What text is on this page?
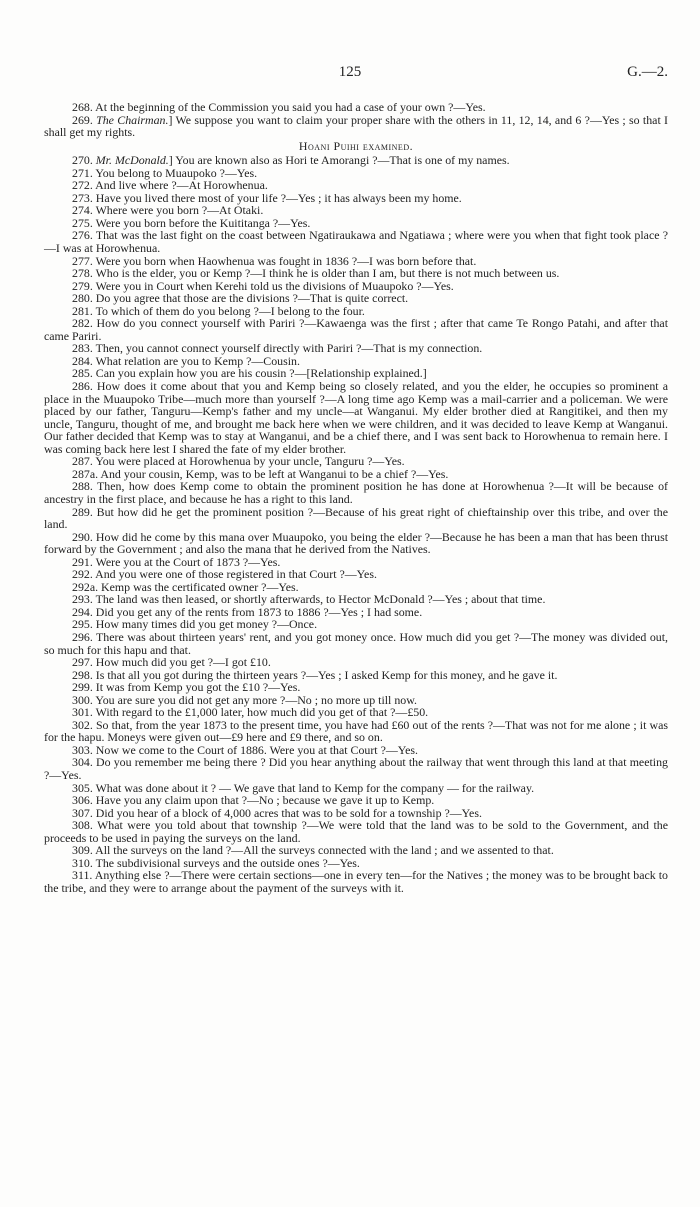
125	G.—2.

268. At the beginning of the Commission you said you had a case of your own ?—Yes.

269. The Chairman.] We suppose you want to claim your proper share with the others in 11, 12, 14, and 6 ?—Yes ; so that I shall get my rights.

Hoani Puihi examined.

270. Mr. McDonald.] You are known also as Hori te Amorangi ?—That is one of my names.

271. You belong to Muaupoko ?—Yes.

272. And live where ?—At Horowhenua.

273. Have you lived there most of your life ?—Yes ; it has always been my home.

274. Where were you born ?—At Otaki.

275. Were you born before the Kuititanga ?—Yes.

276. That was the last fight on the coast between Ngatiraukawa and Ngatiawa ; where were you when that fight took place ?—I was at Horowhenua.

277. Were you born when Haowhenua was fought in 1836 ?—I was born before that.

278. Who is the elder, you or Kemp ?—I think he is older than I am, but there is not much between us.

279. Were you in Court when Kerehi told us the divisions of Muaupoko ?—Yes.

280. Do you agree that those are the divisions ?—That is quite correct.

281. To which of them do you belong ?—I belong to the four.

282. How do you connect yourself with Pariri ?—Kawaenga was the first ; after that came Te Rongo Patahi, and after that came Pariri.

283. Then, you cannot connect yourself directly with Pariri ?—That is my connection.

284. What relation are you to Kemp ?—Cousin.

285. Can you explain how you are his cousin ?—[Relationship explained.]

286. How does it come about that you and Kemp being so closely related, and you the elder, he occupies so prominent a place in the Muaupoko Tribe—much more than yourself ?—A long time ago Kemp was a mail-carrier and a policeman. We were placed by our father, Tanguru—Kemp's father and my uncle—at Wanganui. My elder brother died at Rangitikei, and then my uncle, Tanguru, thought of me, and brought me back here when we were children, and it was decided to leave Kemp at Wanganui. Our father decided that Kemp was to stay at Wanganui, and be a chief there, and I was sent back to Horowhenua to remain here. I was coming back here lest I shared the fate of my elder brother.

287. You were placed at Horowhenua by your uncle, Tanguru ?—Yes.

287a. And your cousin, Kemp, was to be left at Wanganui to be a chief ?—Yes.

288. Then, how does Kemp come to obtain the prominent position he has done at Horowhenua ?—It will be because of ancestry in the first place, and because he has a right to this land.

289. But how did he get the prominent position ?—Because of his great right of chieftainship over this tribe, and over the land.

290. How did he come by this mana over Muaupoko, you being the elder ?—Because he has been a man that has been thrust forward by the Government ; and also the mana that he derived from the Natives.

291. Were you at the Court of 1873 ?—Yes.

292. And you were one of those registered in that Court ?—Yes.

292a. Kemp was the certificated owner ?—Yes.

293. The land was then leased, or shortly afterwards, to Hector McDonald ?—Yes ; about that time.

294. Did you get any of the rents from 1873 to 1886 ?—Yes ; I had some.

295. How many times did you get money ?—Once.

296. There was about thirteen years' rent, and you got money once. How much did you get ?—The money was divided out, so much for this hapu and that.

297. How much did you get ?—I got £10.

298. Is that all you got during the thirteen years ?—Yes ; I asked Kemp for this money, and he gave it.

299. It was from Kemp you got the £10 ?—Yes.

300. You are sure you did not get any more ?—No ; no more up till now.

301. With regard to the £1,000 later, how much did you get of that ?—£50.

302. So that, from the year 1873 to the present time, you have had £60 out of the rents ?—That was not for me alone ; it was for the hapu. Moneys were given out—£9 here and £9 there, and so on.

303. Now we come to the Court of 1886. Were you at that Court ?—Yes.

304. Do you remember me being there ? Did you hear anything about the railway that went through this land at that meeting ?—Yes.

305. What was done about it ? — We gave that land to Kemp for the company — for the railway.

306. Have you any claim upon that ?—No ; because we gave it up to Kemp.

307. Did you hear of a block of 4,000 acres that was to be sold for a township ?—Yes.

308. What were you told about that township ?—We were told that the land was to be sold to the Government, and the proceeds to be used in paying the surveys on the land.

309. All the surveys on the land ?—All the surveys connected with the land ; and we assented to that.

310. The subdivisional surveys and the outside ones ?—Yes.

311. Anything else ?—There were certain sections—one in every ten—for the Natives ; the money was to be brought back to the tribe, and they were to arrange about the payment of the surveys with it.
